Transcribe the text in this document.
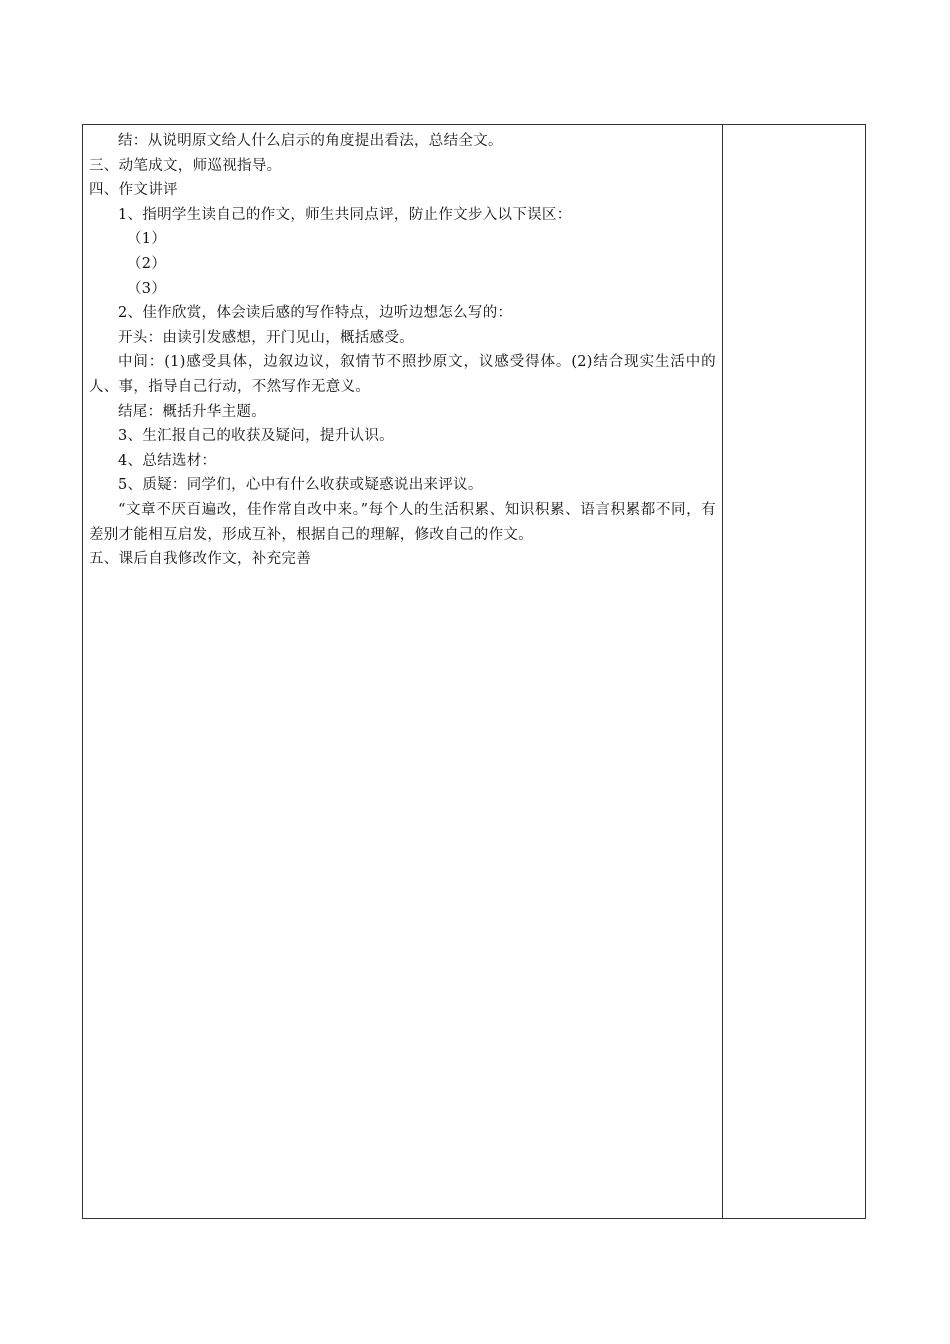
结：从说明原文给人什么启示的角度提出看法，总结全文。

三、动笔成文，师巡视指导。

四、作文讲评

1、指明学生读自己的作文，师生共同点评，防止作文步入以下误区：

（1）

（2）

（3）

2、佳作欣赏，体会读后感的写作特点，边听边想怎么写的：

开头：由读引发感想，开门见山，概括感受。

中间：(1)感受具体，边叙边议，叙情节不照抄原文，议感受得体。(2)结合现实生活中的人、事，指导自己行动，不然写作无意义。

结尾：概括升华主题。

3、生汇报自己的收获及疑问，提升认识。

4、总结选材：

5、质疑：同学们，心中有什么收获或疑惑说出来评议。

“文章不厌百遍改，佳作常自改中来。”每个人的生活积累、知识积累、语言积累都不同，有差别才能相互启发，形成互补，根据自己的理解，修改自己的作文。

五、课后自我修改作文，补充完善
